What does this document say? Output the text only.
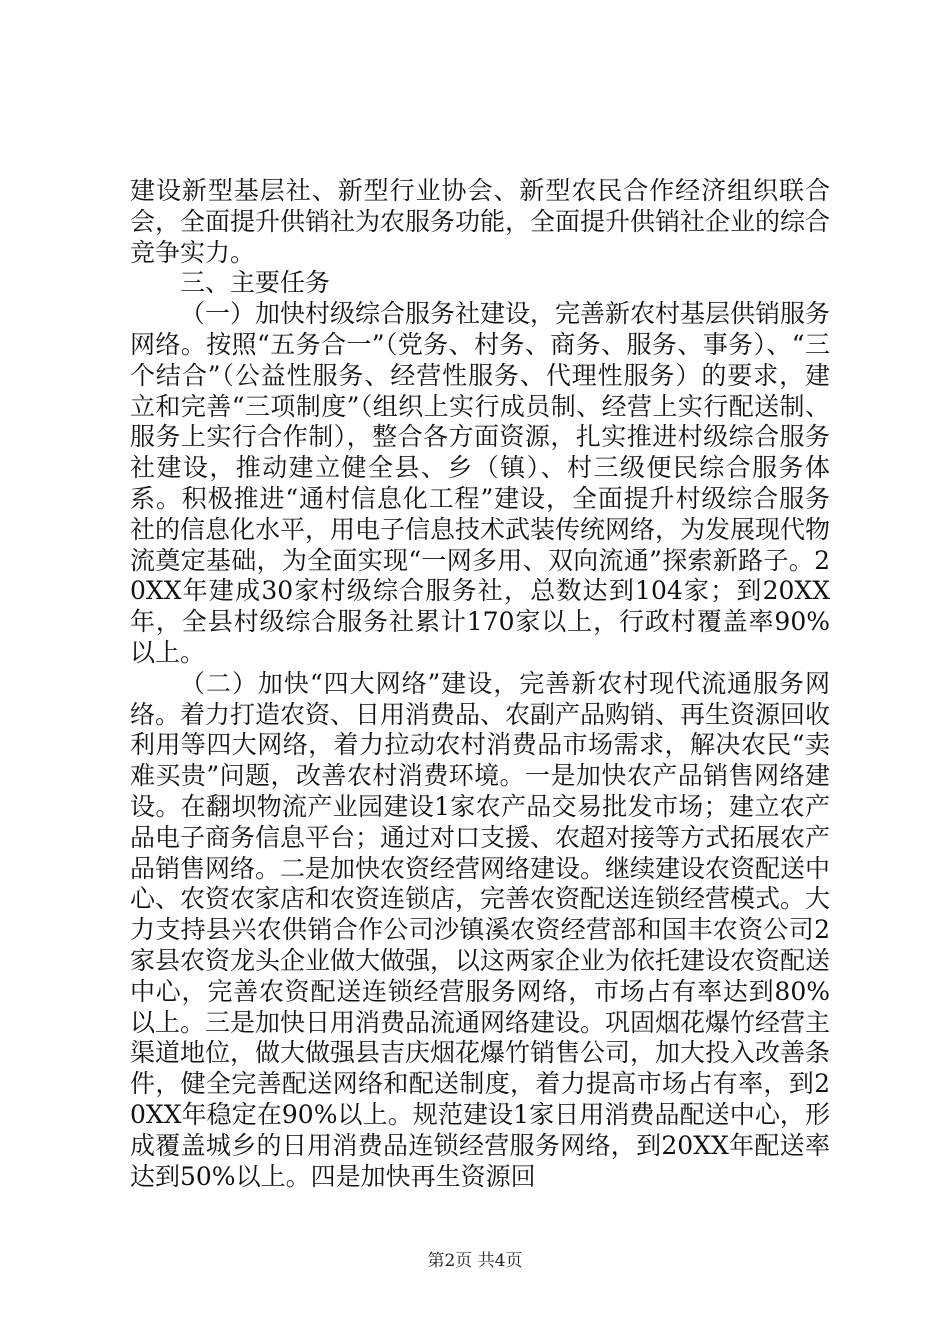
建设新型基层社、新型行业协会、新型农民合作经济组织联合会，全面提升供销社为农服务功能，全面提升供销社企业的综合竞争实力。

三、主要任务

（一）加快村级综合服务社建设，完善新农村基层供销服务网络。按照“五务合一”（党务、村务、商务、服务、事务）、“三个结合”（公益性服务、经营性服务、代理性服务）的要求，建立和完善“三项制度”（组织上实行成员制、经营上实行配送制、服务上实行合作制），整合各方面资源，扎实推进村级综合服务社建设，推动建立健全县、乡（镇）、村三级便民综合服务体系。积极推进“通村信息化工程”建设，全面提升村级综合服务社的信息化水平，用电子信息技术武装传统网络，为发展现代物流奠定基础，为全面实现“一网多用、双向流通”探索新路子。20XX年建成30家村级综合服务社，总数达到104家；到20XX年，全县村级综合服务社累计170家以上，行政村覆盖率90%以上。

（二）加快“四大网络”建设，完善新农村现代流通服务网络。着力打造农资、日用消费品、农副产品购销、再生资源回收利用等四大网络，着力拉动农村消费品市场需求，解决农民“卖难买贵”问题，改善农村消费环境。一是加快农产品销售网络建设。在翻坝物流产业园建设1家农产品交易批发市场；建立农产品电子商务信息平台；通过对口支援、农超对接等方式拓展农产品销售网络。二是加快农资经营网络建设。继续建设农资配送中心、农资农家店和农资连锁店，完善农资配送连锁经营模式。大力支持县兴农供销合作公司沙镇溪农资经营部和国丰农资公司2家县农资龙头企业做大做强，以这两家企业为依托建设农资配送中心，完善农资配送连锁经营服务网络，市场占有率达到80%以上。三是加快日用消费品流通网络建设。巩固烟花爆竹经营主渠道地位，做大做强县吉庆烟花爆竹销售公司，加大投入改善条件，健全完善配送网络和配送制度，着力提高市场占有率，到20XX年稳定在90%以上。规范建设1家日用消费品配送中心，形成覆盖城乡的日用消费品连锁经营服务网络，到20XX年配送率达到50%以上。四是加快再生资源回

第2页 共4页
